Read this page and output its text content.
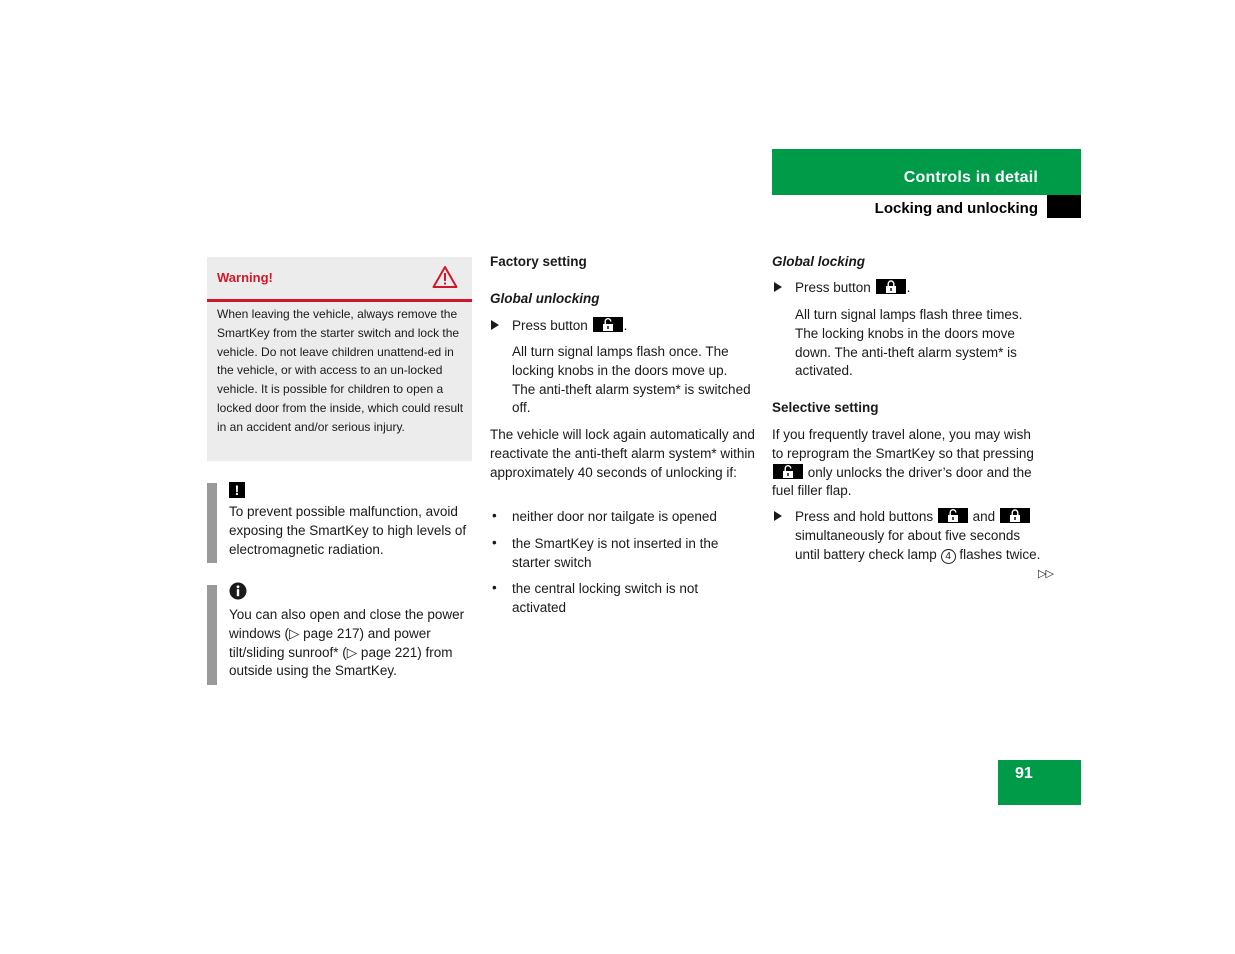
Controls in detail
Locking and unlocking
Warning!
When leaving the vehicle, always remove the SmartKey from the starter switch and lock the vehicle. Do not leave children unattend-ed in the vehicle, or with access to an un-locked vehicle. It is possible for children to open a locked door from the inside, which could result in an accident and/or serious injury.
!
To prevent possible malfunction, avoid exposing the SmartKey to high levels of electromagnetic radiation.
You can also open and close the power windows (▷ page 217) and power tilt/sliding sunroof* (▷ page 221) from outside using the SmartKey.
Factory setting
Global unlocking
Press button	.
All turn signal lamps flash once. The locking knobs in the doors move up. The anti-theft alarm system* is switched off.
The vehicle will lock again automatically and reactivate the anti-theft alarm system* within approximately 40 seconds of unlocking if:
• neither door nor tailgate is opened
• the SmartKey is not inserted in the starter switch
• the central locking switch is not activated
Global locking
Press button	.
All turn signal lamps flash three times. The locking knobs in the doors move down. The anti-theft alarm system* is activated.
Selective setting
If you frequently travel alone, you may wish to reprogram the SmartKey so that pressing
only unlocks the driver’s door and the fuel filler flap.
Press and hold buttons	and
simultaneously for about five seconds until battery check lamp 4 flashes twice.
▷▷
91
